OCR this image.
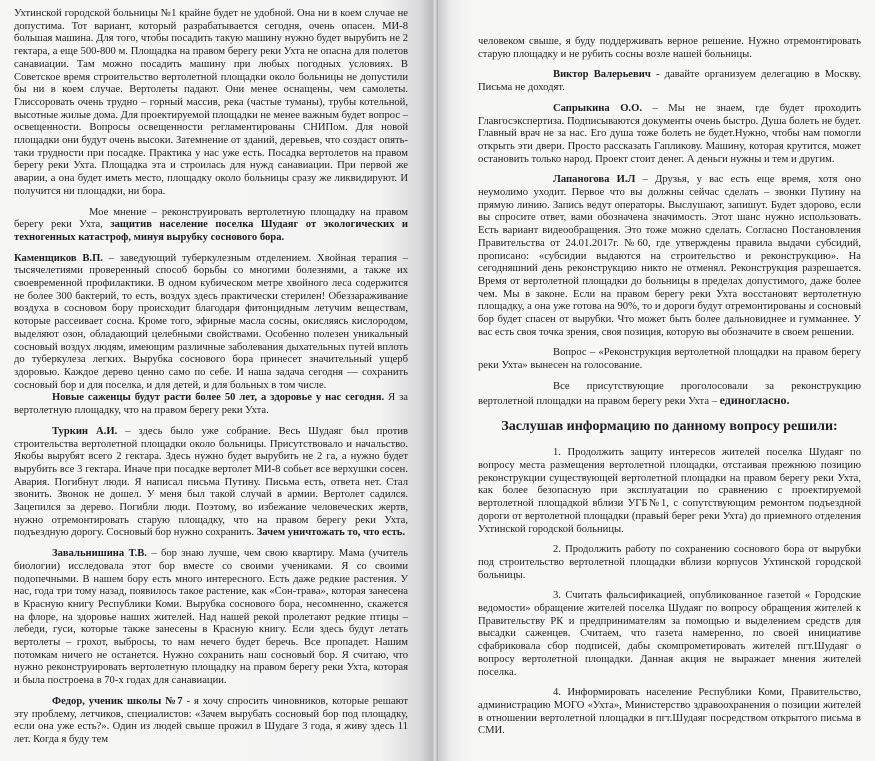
Ухтинской городской больницы №1 крайне будет не удобной. Она ни в коем случае не допустима. Тот вариант, который разрабатывается сегодня, очень опасен. МИ-8 большая машина. Для того, чтобы посадить такую машину нужно будет вырубить не 2 гектара, а еще 500-800 м. Площадка на правом берегу реки Ухта не опасна для полетов санавиации. Там можно посадить машину при любых погодных условиях. В Советское время строительство вертолетной площадки около больницы не допустили бы ни в коем случае. Вертолеты падают. Они менее оснащены, чем самолеты. Глиссоровать очень трудно – горный массив, река (частые туманы), трубы котельной, высотные жилые дома. Для проектируемой площадки не менее важным будет вопрос – освещенности. Вопросы освещенности регламентированы СНИПом. Для новой площадки они будут очень высоки. Затемнение от зданий, деревьев, что создаст опять-таки трудности при посадке. Практика у нас уже есть. Посадка вертолетов на правом берегу реки Ухта. Площадка эта и строилась для нужд санавиации. При первой же аварии, а она будет иметь место, площадку около больницы сразу же ликвидируют. И получится ни площадки, ни бора.

Мое мнение – реконструировать вертолетную площадку на правом берегу реки Ухта, защитив население поселка Шудаяг от экологических и техногенных катастроф, минуя вырубку соснового бора.

Каменщиков В.П. – заведующий туберкулезным отделением. Хвойная терапия – тысячелетиями проверенный способ борьбы со многими болезнями, а также их своевременной профилактики. В одном кубическом метре хвойного леса содержится не более 300 бактерий, то есть, воздух здесь практически стерилен! Обеззараживание воздуха в сосновом бору происходит благодаря фитонцидным летучим веществам, которые рассеивает сосна. Кроме того, эфирные масла сосны, окисляясь кислородом, выделяют озон, обладающий целебными свойствами. Особенно полезен уникальный сосновый воздух людям, имеющим различные заболевания дыхательных путей вплоть до туберкулеза легких. Вырубка соснового бора принесет значительный ущерб здоровью. Каждое дерево ценно само по себе. И наша задача сегодня — сохранить сосновый бор и для поселка, и для детей, и для больных в том числе.

Новые саженцы будут расти более 50 лет, а здоровье у нас сегодня. Я за вертолетную площадку, что на правом берегу реки Ухта.

Туркин А.И. – здесь было уже собрание. Весь Шудаяг был против строительства вертолетной площадки около больницы. Присутствовало и начальство. Якобы вырубят всего 2 гектара. Здесь нужно будет вырубить не 2 га, а нужно будет вырубить все 3 гектара. Иначе при посадке вертолет МИ-8 собьет все верхушки сосен. Авария. Погибнут люди. Я написал письма Путину. Письма есть, ответа нет. Стал звонить. Звонок не дошел. У меня был такой случай в армии. Вертолет садился. Зацепился за дерево. Погибли люди. Поэтому, во избежание человеческих жертв, нужно отремонтировать старую площадку, что на правом берегу реки Ухта, подъездную дорогу. Сосновый бор нужно сохранить. Зачем уничтожать то, что есть.

Завальнишина Т.В. – бор знаю лучше, чем свою квартиру. Мама (учитель биологии) исследовала этот бор вместе со своими учениками. Я со своими подопечными. В нашем бору есть много интересного. Есть даже редкие растения. У нас, года три тому назад, появилось такое растение, как «Сон-трава», которая занесена в Красную книгу Республики Коми. Вырубка соснового бора, несомненно, скажется на флоре, на здоровье наших жителей. Над нашей рекой пролетают редкие птицы – лебеди, гуси, которые также занесены в Красную книгу. Если здесь будут летать вертолеты – грохот, выбросы, то нам нечего будет беречь. Все пропадет. Нашим потомкам ничего не останется. Нужно сохранить наш сосновый бор. Я считаю, что нужно реконструировать вертолетную площадку на правом берегу реки Ухта, которая и была построена в 70-х годах для санавиации.

Федор, ученик школы №7 - я хочу спросить чиновников, которые решают эту проблему, летчиков, специалистов: «Зачем вырубать сосновый бор под площадку, если она уже есть?». Один из людей свыше прожил в Шудаге 3 года, я живу здесь 11 лет. Когда я буду тем

человеком свыше, я буду поддерживать верное решение. Нужно отремонтировать старую площадку и не рубить сосны возле нашей больницы.

Виктор Валерьевич - давайте организуем делегацию в Москву. Письма не доходят.

Сапрыкина О.О. – Мы не знаем, где будет проходить Главгосэкспертиза. Подписываются документы очень быстро. Душа болеть не будет. Главный врач не за нас. Его душа тоже болеть не будет.Нужно, чтобы нам помогли открыть эти двери. Просто рассказать Гапликову. Машину, которая крутится, может остановить только народ. Проект стоит денег. А деньги нужны и тем и другим.

Лапаногова И.Л – Друзья, у вас есть еще время, хотя оно неумолимо уходит. Первое что вы должны сейчас сделать – звонки Путину на прямую линию. Запись ведут операторы. Выслушают, запишут. Будет здорово, если вы спросите ответ, вами обозначена значимость. Этот шанс нужно использовать. Есть вариант видеообращения. Это тоже можно сделать. Согласно Постановления Правительства от 24.01.2017г. №60, где утверждены правила выдачи субсидий, прописано: «субсидии выдаются на строительство и реконструкцию». На сегодняшний день реконструкцию никто не отменял. Реконструкция разрешается. Время от вертолетной площадки до больницы в пределах допустимого, даже более чем. Мы в законе. Если на правом берегу реки Ухта восстановят вертолетную площадку, а она уже готова на 90%, то и дороги будут отремонтированы и сосновый бор будет спасен от вырубки. Что может быть более дальновиднее и гумманнее. У вас есть своя точка зрения, своя позиция, которую вы обозначите в своем решении.

Вопрос – «Реконструкция вертолетной площадки на правом берегу реки Ухта» вынесен на голосование.

Все присутствующие проголосовали за реконструкцию вертолетной площадки на правом берегу реки Ухта – единогласно.

Заслушав информацию по данному вопросу решили:

1. Продолжить защиту интересов жителей поселка Шудаяг по вопросу места размещения вертолетной площадки, отстаивая прежнюю позицию реконструкции существующей вертолетной площадки на правом берегу реки Ухта, как более безопасную при эксплуатации по сравнению с проектируемой вертолетной площадкой вблизи УГБ№1, с сопутствующим ремонтом подъездной дороги от вертолетной площадки (правый берег реки Ухта) до приемного отделения Ухтинской городской больницы.

2. Продолжить работу по сохранению соснового бора от вырубки под строительство вертолетной площадки вблизи корпусов Ухтинской городской больницы.

3. Считать фальсификацией, опубликованное газетой « Городские ведомости» обращение жителей поселка Шудаяг по вопросу обращения жителей к Правительству РК и предпринимателям за помощью и выделением средств для высадки саженцев. Считаем, что газета намеренно, по своей инициативе сфабриковала сбор подписей, дабы скомпрометировать жителей пгт.Шудаяг о вопросу вертолетной площадки. Данная акция не выражает мнения жителей поселка.

4. Информировать население Республики Коми, Правительство, администрацию МОГО «Ухта», Министерство здравоохранения о позиции жителей в отношении вертолетной площадки в пгт.Шудаяг посредством открытого письма в СМИ.
